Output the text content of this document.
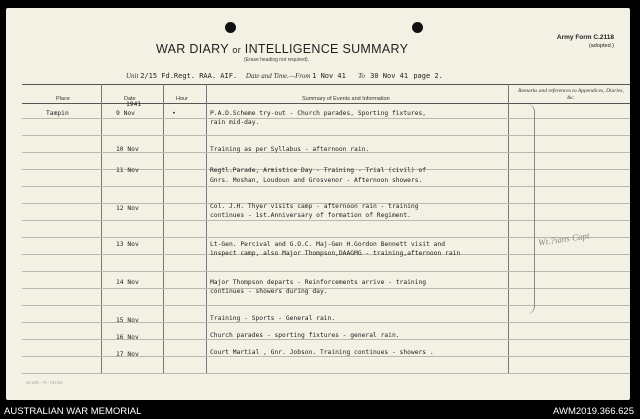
WAR DIARY or INTELLIGENCE SUMMARY
(Erase heading not required).
Army Form C.2118
(adopted.)
Unit 2/15 Fd.Regt. RAA. AIF. Date and Time.—From 1 Nov 41 To 30 Nov 41 page 2.
Place	Date	Hour	Summary of Events and Information
Remarks and references to Appendices, Diaries, &c.
Wt.?ians Capt
Tampin
1941
9 Nov	•	P.A.D.Scheme try-out - Church parades, Sporting fixtures,
rain mid-day.
10 Nov	Training as per Syllabus - afternoon rain.
11 Nov	Regtl.Parade, Armistice Day - Training - Trial (civil) of
Gnrs. Moshan, Loudoun and Grosvenor - Afternoon showers.
12 Nov	Col. J.H. Thyer visits camp - afternoon rain - training
continues - 1st.Anniversary of formation of Regiment.
13 Nov	Lt-Gen. Percival and G.O.C. Maj-Gen H.Gordon Bennett visit and
inspect camp, also Major Thompson,DAAGMG - training,afternoon rain
14 Nov	Major Thompson departs - Reinforcements arrive - training
continues - showers during day.
15 Nov	Training - Sports - General rain.
16 Nov	Church parades - sporting fixtures - general rain.
17 Nov	Court Martial , Gnr. Jobson. Training continues - showers .
25/1495 - 79 - 10/1941
AUSTRALIAN WAR MEMORIAL	AWM2019.366.625
